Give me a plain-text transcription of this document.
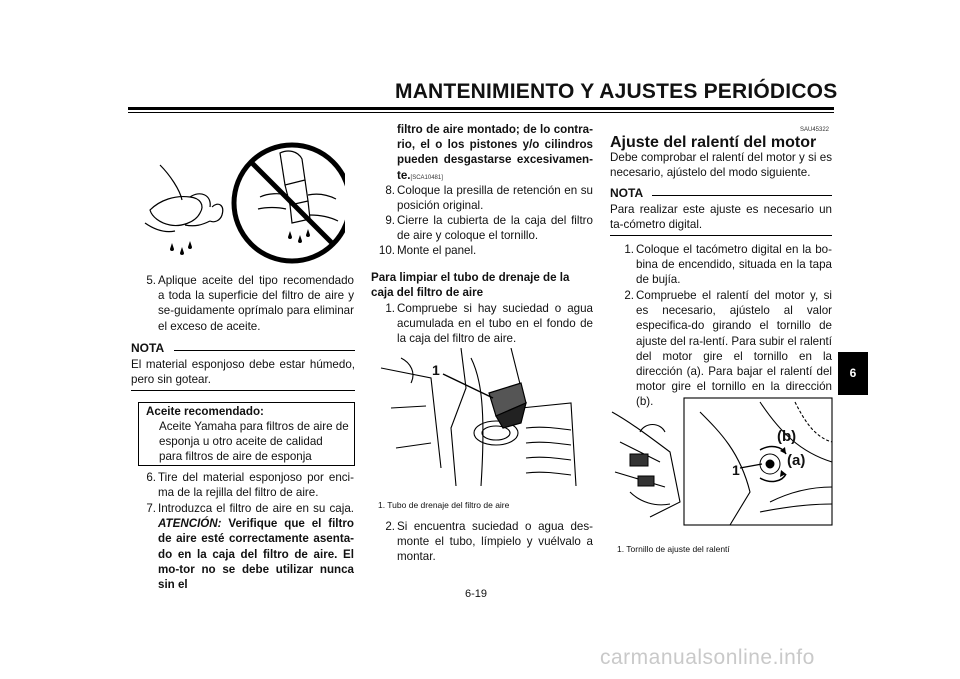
MANTENIMIENTO Y AJUSTES PERIÓDICOS
6
5. Aplique aceite del tipo recomendado a toda la superficie del filtro de aire y se-guidamente oprímalo para eliminar el exceso de aceite.
NOTA
El material esponjoso debe estar húmedo, pero sin gotear.
Aceite recomendado:
Aceite Yamaha para filtros de aire de esponja u otro aceite de calidad para filtros de aire de esponja
6. Tire del material esponjoso por enci-ma de la rejilla del filtro de aire.
7. Introduzca el filtro de aire en su caja. ATENCIÓN: Verifique que el filtro de aire esté correctamente asenta-do en la caja del filtro de aire. El mo-tor no se debe utilizar nunca sin el
filtro de aire montado; de lo contra-rio, el o los pistones y/o cilindros pueden desgastarse excesivamen-te.[SCA10481]
8. Coloque la presilla de retención en su posición original.
9. Cierre la cubierta de la caja del filtro de aire y coloque el tornillo.
10. Monte el panel.
Para limpiar el tubo de drenaje de la caja del filtro de aire
1. Compruebe si hay suciedad o agua acumulada en el tubo en el fondo de la caja del filtro de aire.
1
1. Tubo de drenaje del filtro de aire
2. Si encuentra suciedad o agua des-monte el tubo, límpielo y vuélvalo a montar.
SAU45322
Ajuste del ralentí del motor
Debe comprobar el ralentí del motor y si es necesario, ajústelo del modo siguiente.
NOTA
Para realizar este ajuste es necesario un ta-cómetro digital.
1. Coloque el tacómetro digital en la bo-bina de encendido, situada en la tapa de bujía.
2. Compruebe el ralentí del motor y, si es necesario, ajústelo al valor especifica-do girando el tornillo de ajuste del ra-lentí. Para subir el ralentí del motor gire el tornillo en la dirección (a). Para bajar el ralentí del motor gire el tornillo en la dirección (b).
(b)
(a)
1
1. Tornillo de ajuste del ralentí
6-19
carmanualsonline.info
